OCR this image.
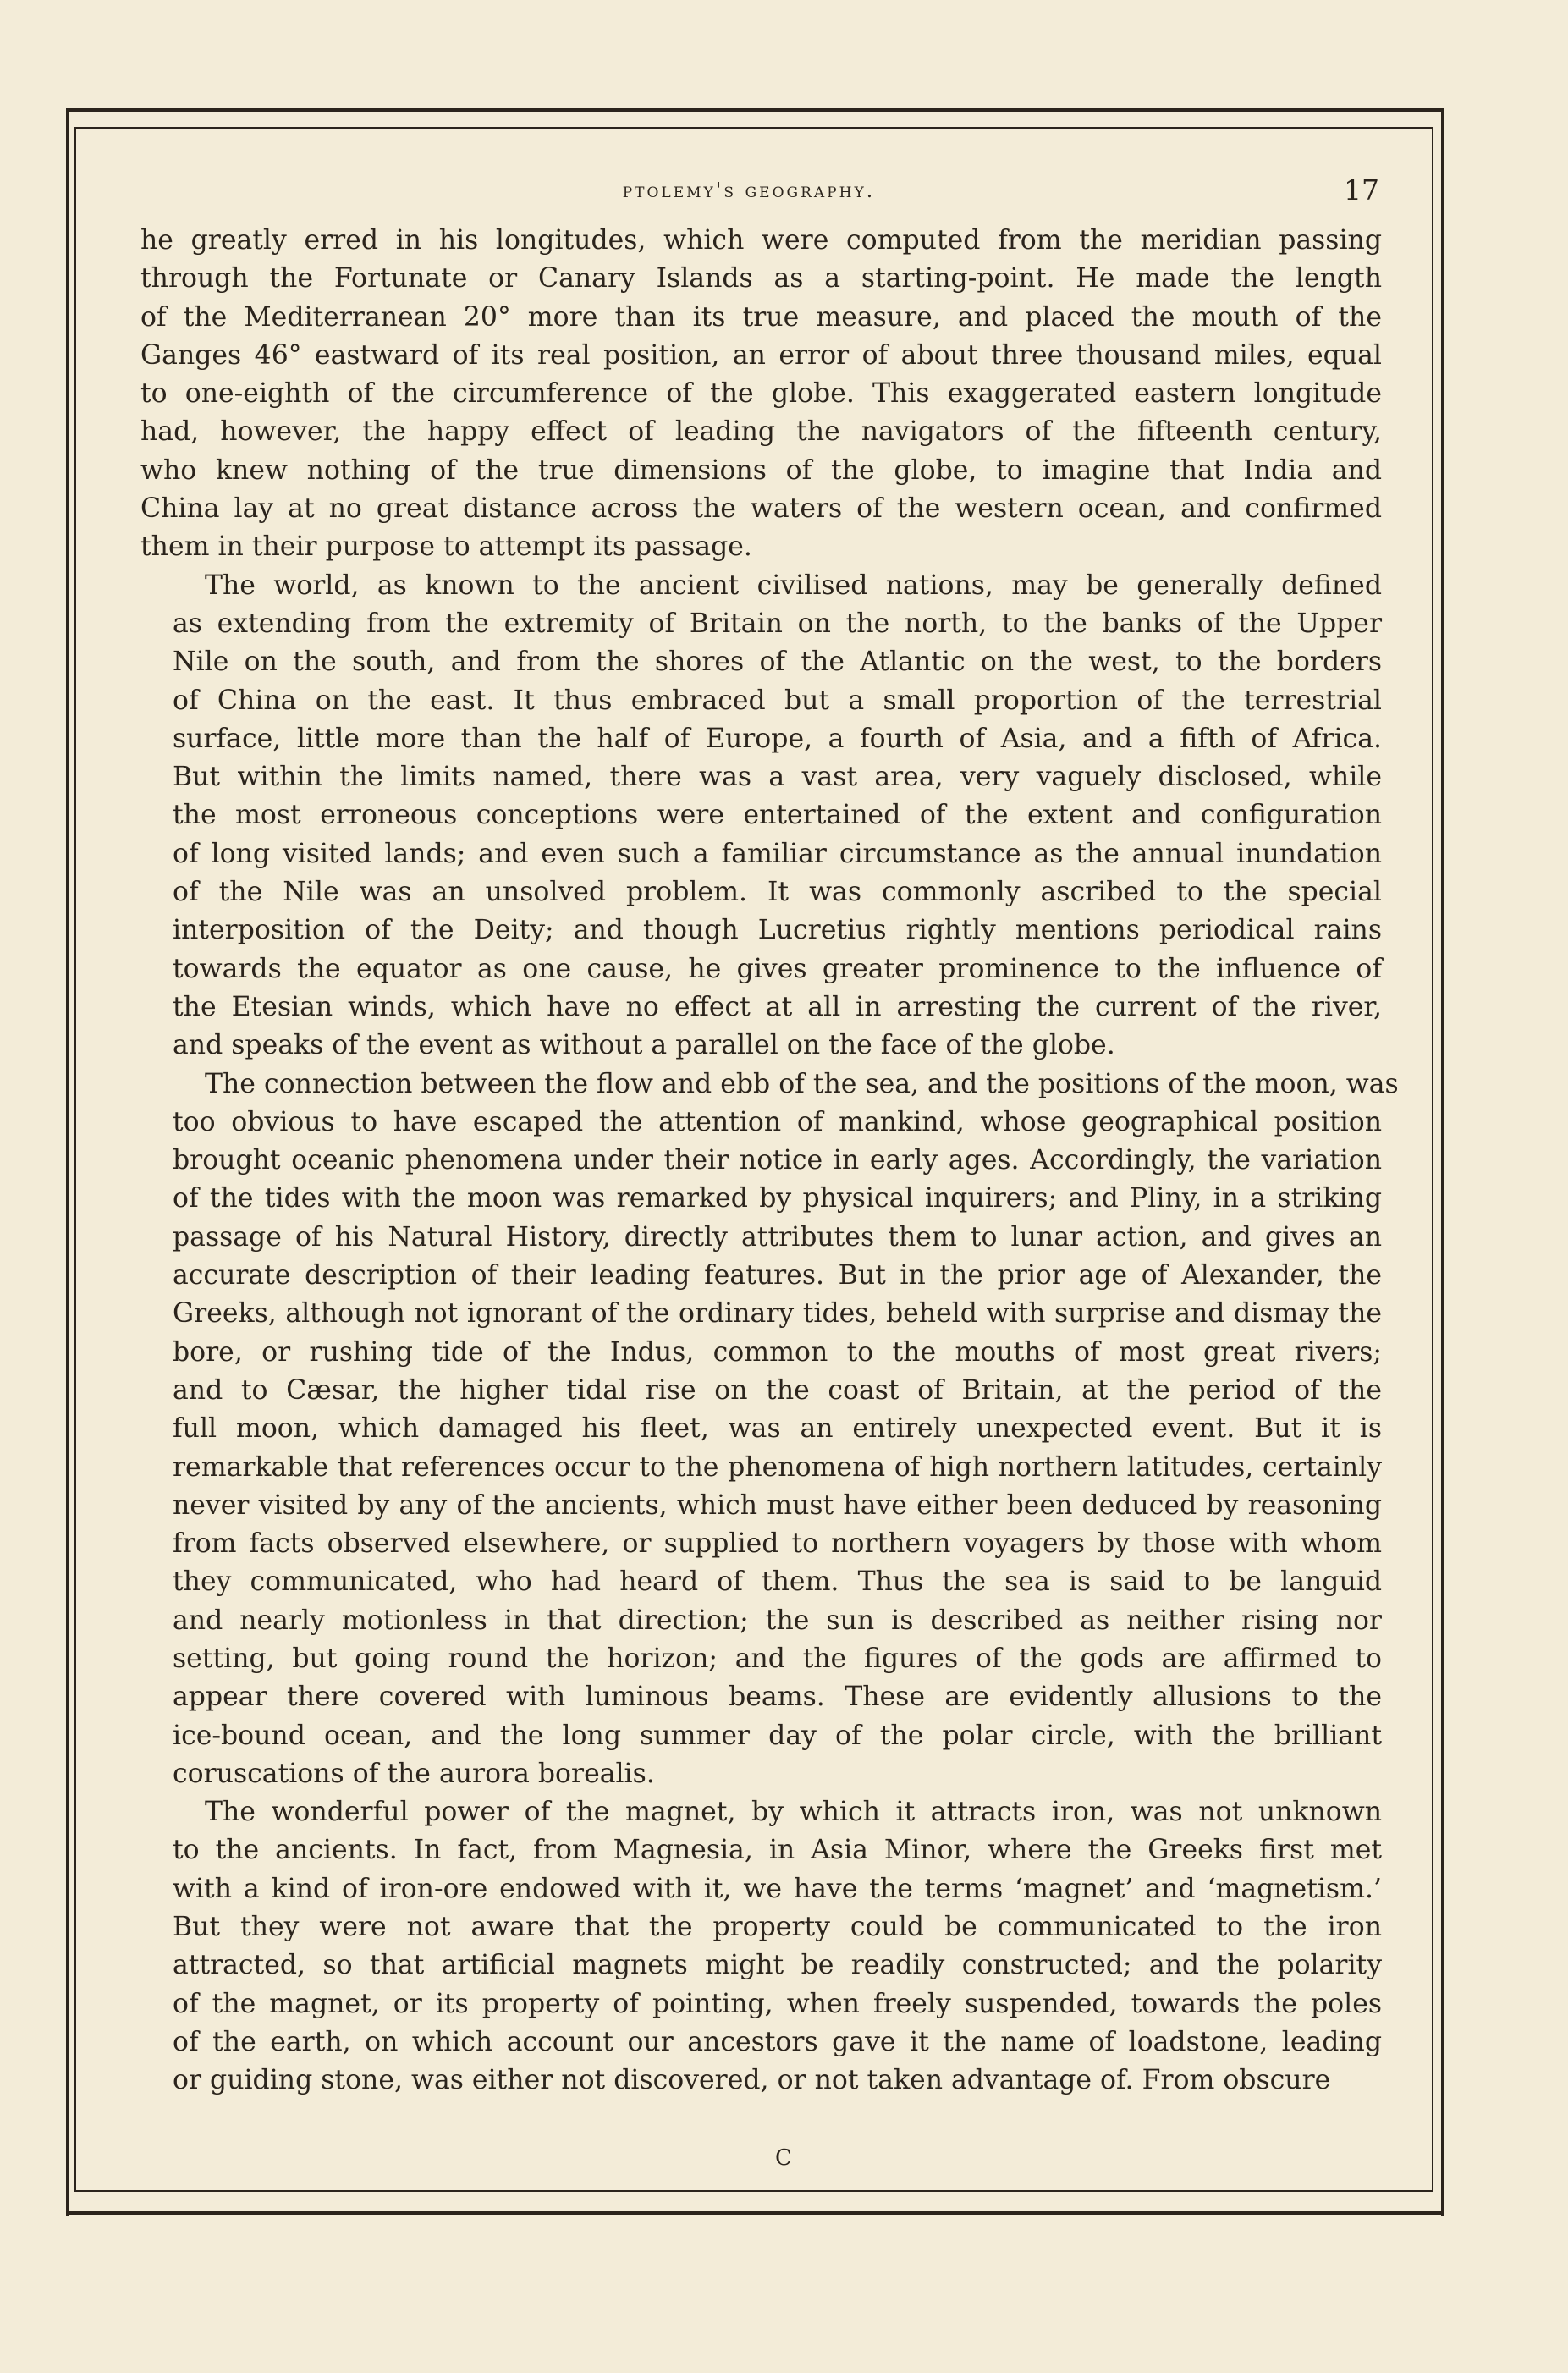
ptolemy's geography.	17

he greatly erred in his longitudes, which were computed from the meridian passing
through the Fortunate or Canary Islands as a starting-point. He made the length
of the Mediterranean 20° more than its true measure, and placed the mouth of the
Ganges 46° eastward of its real position, an error of about three thousand miles, equal
to one-eighth of the circumference of the globe. This exaggerated eastern longitude
had, however, the happy effect of leading the navigators of the fifteenth century,
who knew nothing of the true dimensions of the globe, to imagine that India and
China lay at no great distance across the waters of the western ocean, and confirmed
them in their purpose to attempt its passage.

The world, as known to the ancient civilised nations, may be generally defined
as extending from the extremity of Britain on the north, to the banks of the Upper
Nile on the south, and from the shores of the Atlantic on the west, to the borders
of China on the east. It thus embraced but a small proportion of the terrestrial
surface, little more than the half of Europe, a fourth of Asia, and a fifth of Africa.
But within the limits named, there was a vast area, very vaguely disclosed, while
the most erroneous conceptions were entertained of the extent and configuration
of long visited lands; and even such a familiar circumstance as the annual inundation
of the Nile was an unsolved problem. It was commonly ascribed to the special
interposition of the Deity; and though Lucretius rightly mentions periodical rains
towards the equator as one cause, he gives greater prominence to the influence of
the Etesian winds, which have no effect at all in arresting the current of the river,
and speaks of the event as without a parallel on the face of the globe.

The connection between the flow and ebb of the sea, and the positions of the moon, was
too obvious to have escaped the attention of mankind, whose geographical position
brought oceanic phenomena under their notice in early ages. Accordingly, the variation
of the tides with the moon was remarked by physical inquirers; and Pliny, in a striking
passage of his Natural History, directly attributes them to lunar action, and gives an
accurate description of their leading features. But in the prior age of Alexander, the
Greeks, although not ignorant of the ordinary tides, beheld with surprise and dismay the
bore, or rushing tide of the Indus, common to the mouths of most great rivers;
and to Cæsar, the higher tidal rise on the coast of Britain, at the period of the
full moon, which damaged his fleet, was an entirely unexpected event. But it is
remarkable that references occur to the phenomena of high northern latitudes, certainly
never visited by any of the ancients, which must have either been deduced by reasoning
from facts observed elsewhere, or supplied to northern voyagers by those with whom
they communicated, who had heard of them. Thus the sea is said to be languid
and nearly motionless in that direction; the sun is described as neither rising nor
setting, but going round the horizon; and the figures of the gods are affirmed to
appear there covered with luminous beams. These are evidently allusions to the
ice-bound ocean, and the long summer day of the polar circle, with the brilliant
coruscations of the aurora borealis.

The wonderful power of the magnet, by which it attracts iron, was not unknown
to the ancients. In fact, from Magnesia, in Asia Minor, where the Greeks first met
with a kind of iron-ore endowed with it, we have the terms ‘magnet’ and ‘magnetism.’
But they were not aware that the property could be communicated to the iron
attracted, so that artificial magnets might be readily constructed; and the polarity
of the magnet, or its property of pointing, when freely suspended, towards the poles
of the earth, on which account our ancestors gave it the name of loadstone, leading
or guiding stone, was either not discovered, or not taken advantage of. From obscure

C
